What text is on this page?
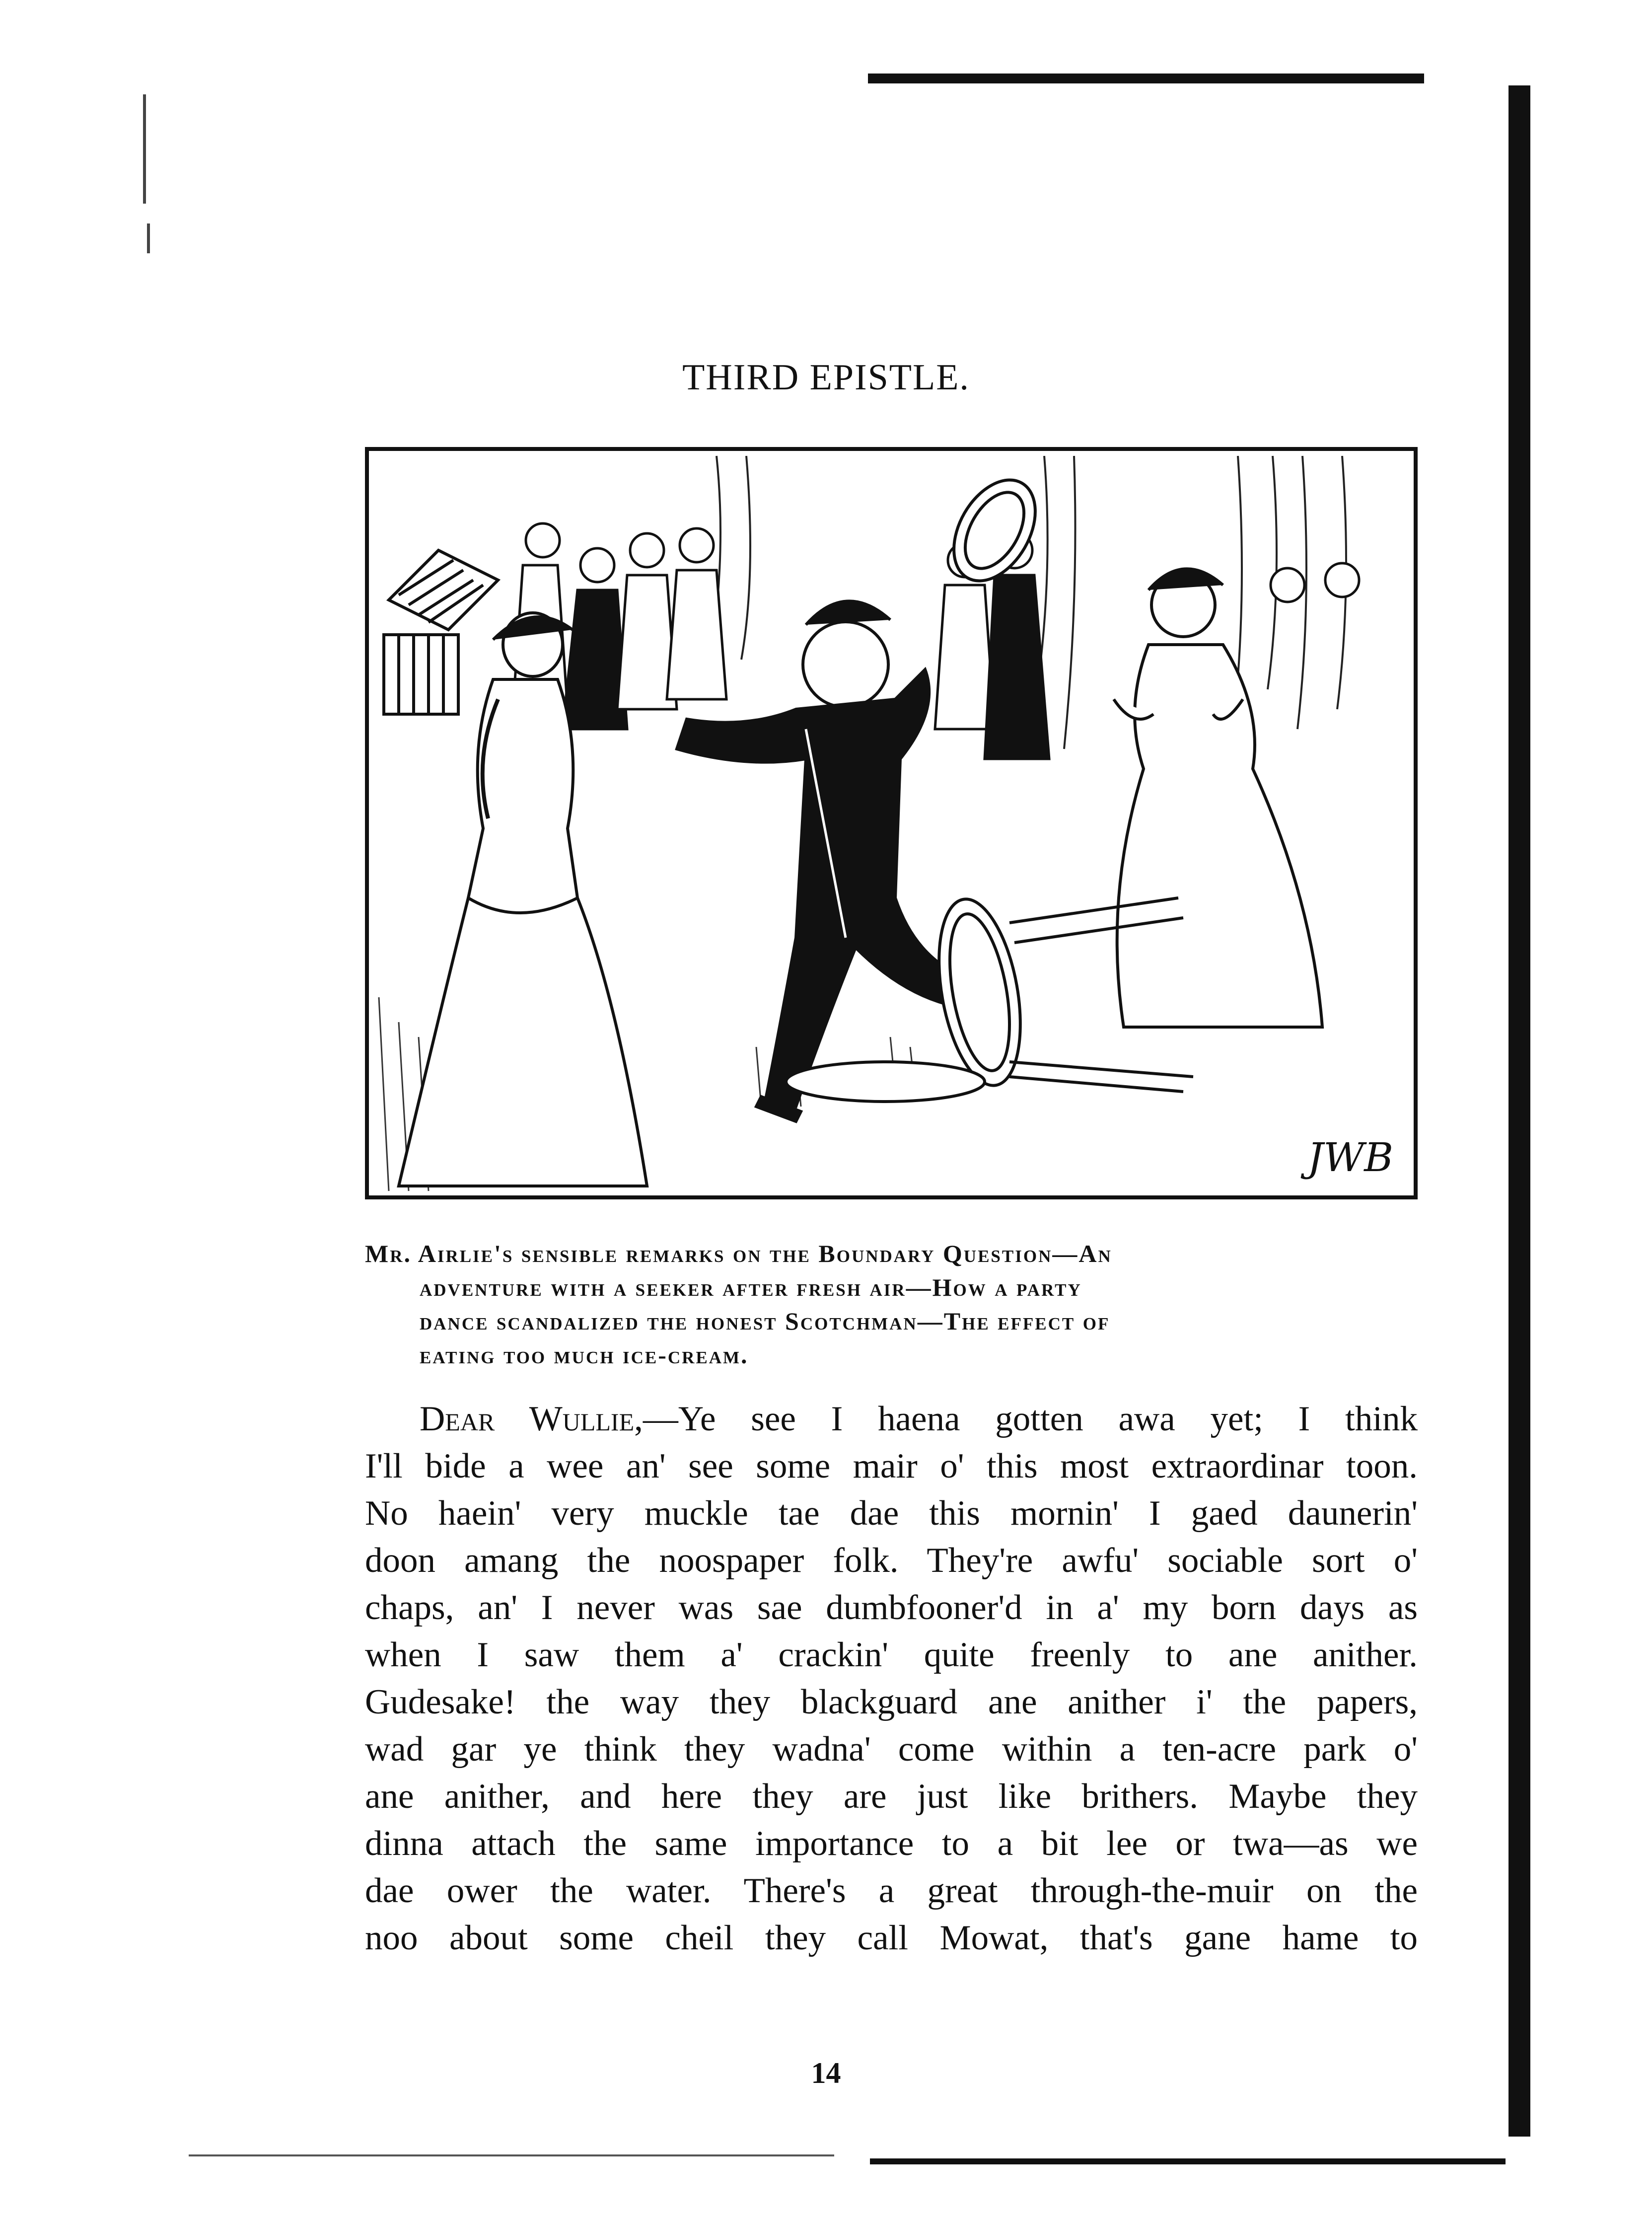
THIRD EPISTLE.
JWB

Mr. Airlie's sensible remarks on the Boundary Question—An
adventure with a seeker after fresh air—How a party
dance scandalized the honest Scotchman—The effect of
eating too much ice-cream.

Dear Wullie,—Ye see I haena gotten awa yet; I think
I'll bide a wee an' see some mair o' this most extraordinar toon.
No haein' very muckle tae dae this mornin' I gaed daunerin'
doon amang the noospaper folk. They're awfu' sociable sort o'
chaps, an' I never was sae dumbfooner'd in a' my born days as
when I saw them a' crackin' quite freenly to ane anither.
Gudesake! the way they blackguard ane anither i' the papers,
wad gar ye think they wadna' come within a ten-acre park o'
ane anither, and here they are just like brithers. Maybe they
dinna attach the same importance to a bit lee or twa—as we
dae ower the water. There's a great through-the-muir on the
noo about some cheil they call Mowat, that's gane hame to
14
